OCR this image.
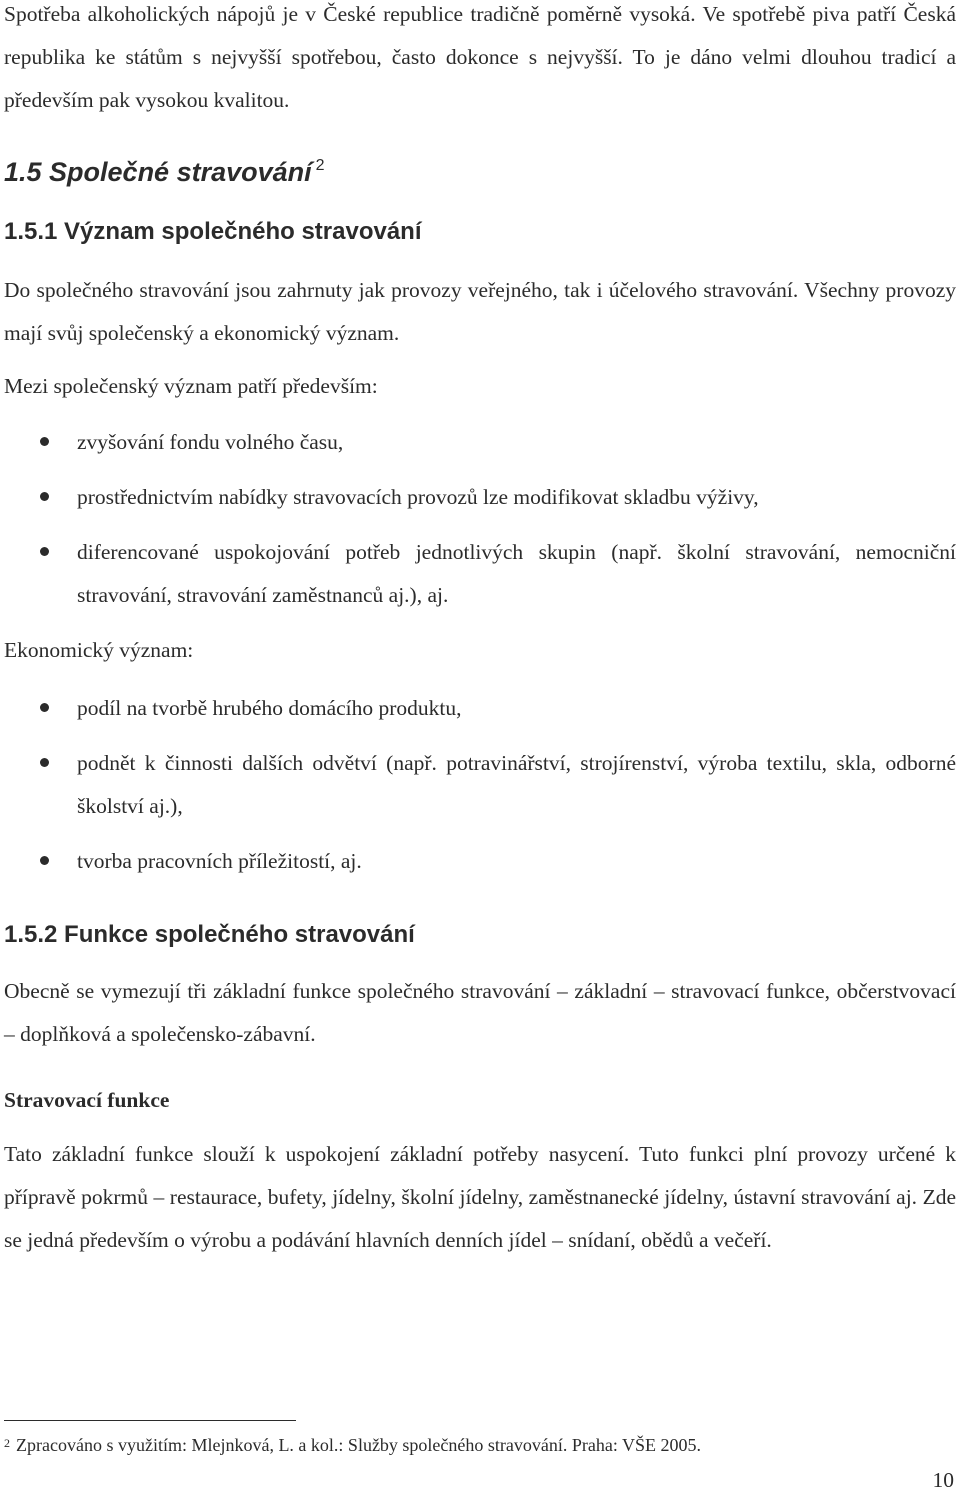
Spotřeba alkoholických nápojů je v České republice tradičně poměrně vysoká. Ve spotřebě piva patří Česká republika ke státům s nejvyšší spotřebou, často dokonce s nejvyšší. To je dáno velmi dlouhou tradicí a především pak vysokou kvalitou.

1.5 Společné stravování $^2$
1.5.1 Význam společného stravování

Do společného stravování jsou zahrnuty jak provozy veřejného, tak i účelového stravování. Všechny provozy mají svůj společenský a ekonomický význam.

Mezi společenský význam patří především:

zvyšování fondu volného času,
prostřednictvím nabídky stravovacích provozů lze modifikovat skladbu výživy,
diferencované uspokojování potřeb jednotlivých skupin (např. školní stravování, nemocniční stravování, stravování zaměstnanců aj.), aj.

Ekonomický význam:

podíl na tvorbě hrubého domácího produktu,
podnět k činnosti dalších odvětví (např. potravinářství, strojírenství, výroba textilu, skla, odborné školství aj.),
tvorba pracovních příležitostí, aj.
1.5.2 Funkce společného stravování

Obecně se vymezují tři základní funkce společného stravování – základní – stravovací funkce, občerstvovací – doplňková a společensko-zábavní.

Stravovací funkce

Tato základní funkce slouží k uspokojení základní potřeby nasycení. Tuto funkci plní provozy určené k přípravě pokrmů – restaurace, bufety, jídelny, školní jídelny, zaměstnanecké jídelny, ústavní stravování aj. Zde se jedná především o výrobu a podávání hlavních denních jídel – snídaní, obědů a večeří.

$^2$ Zpracováno s využitím: Mlejnková, L. a kol.: Služby společného stravování. Praha: VŠE 2005.
10
